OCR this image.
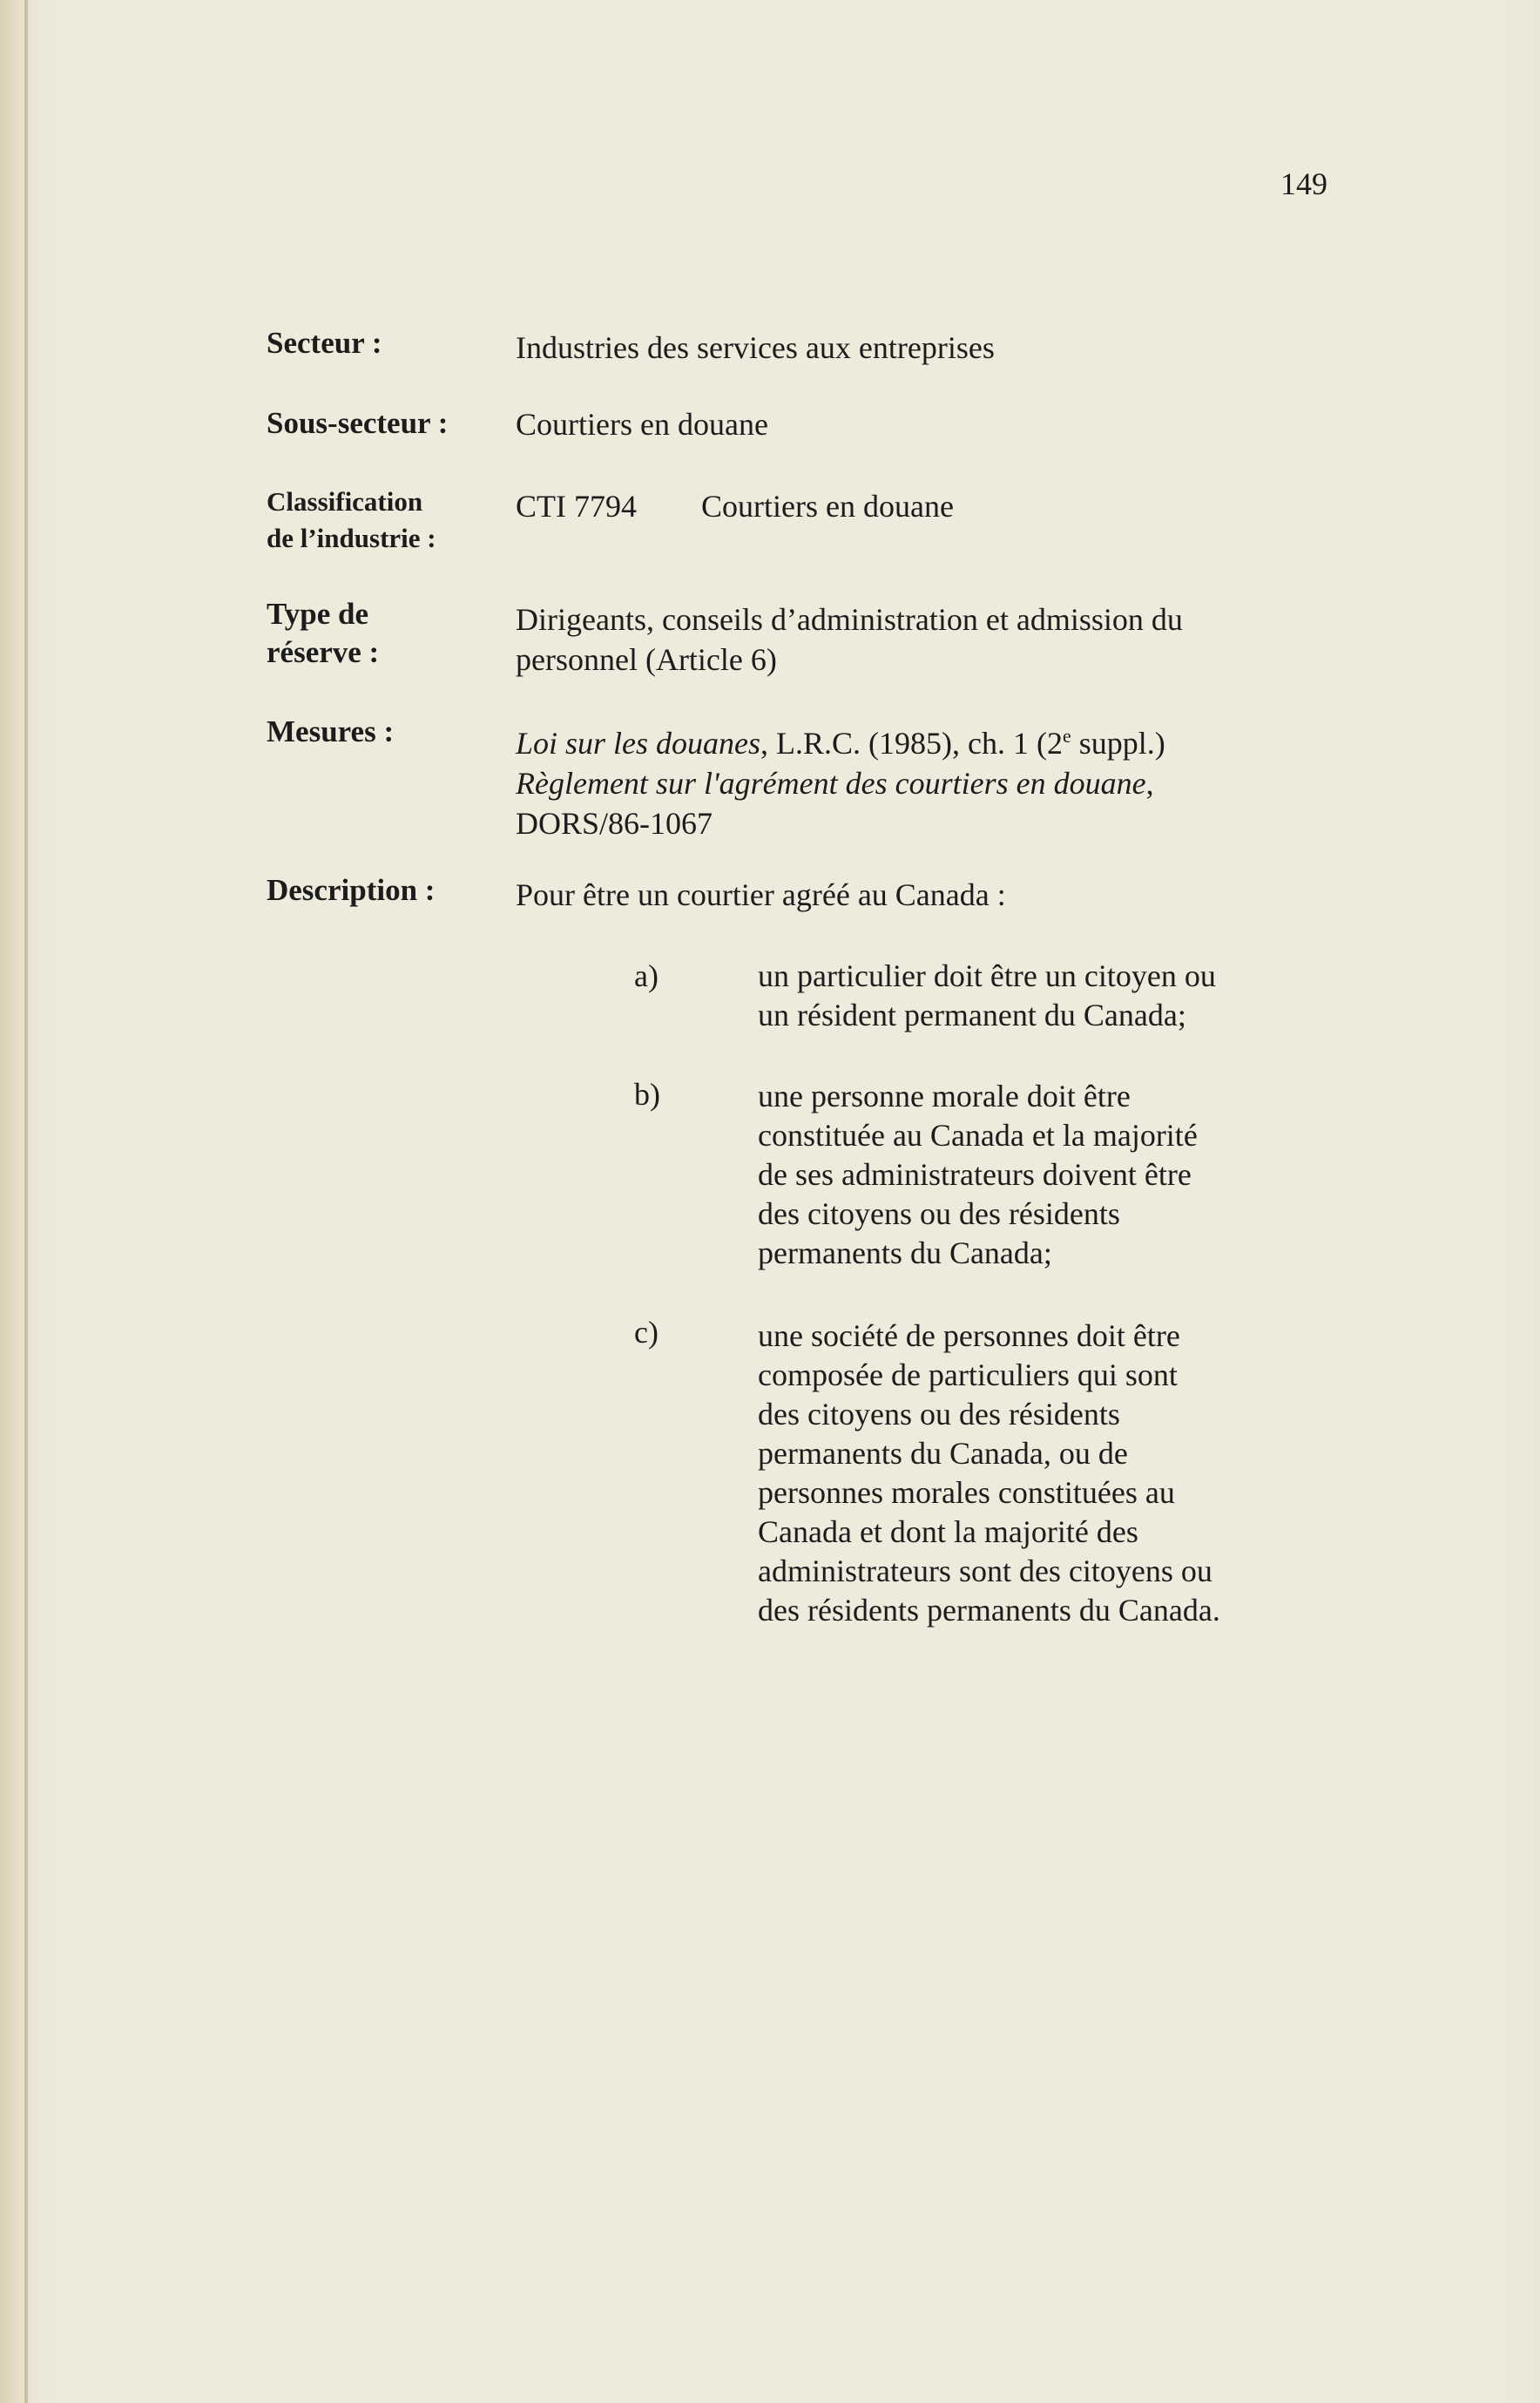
149
Secteur :	Industries des services aux entreprises
Sous-secteur : Courtiers en douane
Classification
de l’industrie :
CTI 7794 Courtiers en douane
Type de
réserve :
Dirigeants, conseils d’administration et admission du
personnel (Article 6)
Mesures :	Loi sur les douanes, L.R.C. (1985), ch. 1 (2e suppl.)
Règlement sur l'agrément des courtiers en douane,
DORS/86-1067
Description :	Pour être un courtier agréé au Canada :
a)	un particulier doit être un citoyen ou
un résident permanent du Canada;
b)	une personne morale doit être
constituée au Canada et la majorité
de ses administrateurs doivent être
des citoyens ou des résidents
permanents du Canada;
c)	une société de personnes doit être
composée de particuliers qui sont
des citoyens ou des résidents
permanents du Canada, ou de
personnes morales constituées au
Canada et dont la majorité des
administrateurs sont des citoyens ou
des résidents permanents du Canada.
